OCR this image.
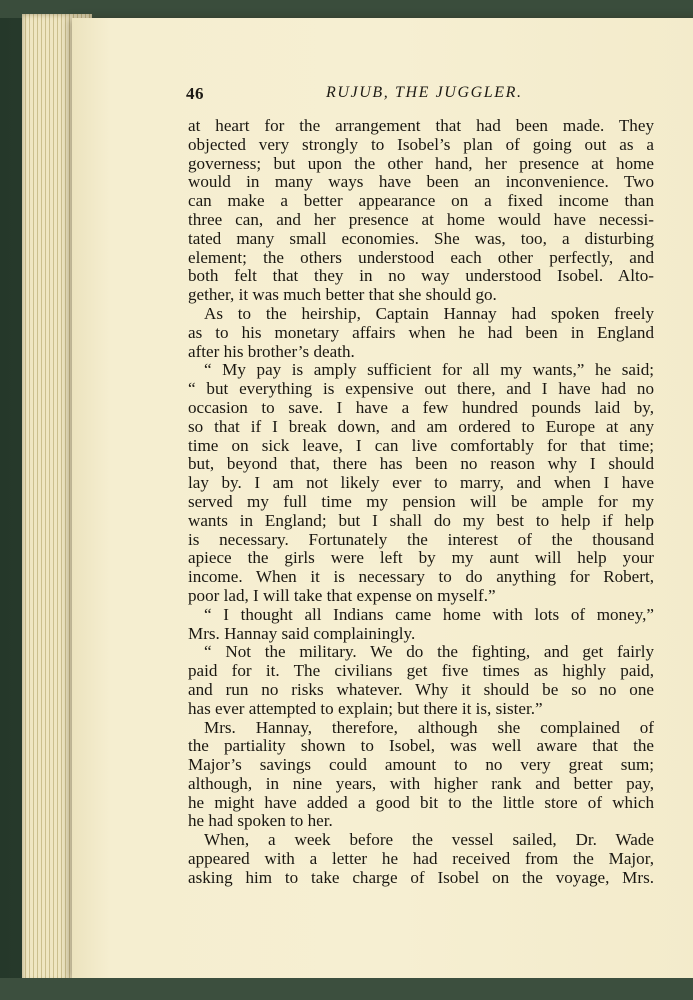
46	RUJUB, THE JUGGLER.
at heart for the arrangement that had been made. They
objected very strongly to Isobel’s plan of going out as a
governess; but upon the other hand, her presence at home
would in many ways have been an inconvenience. Two
can make a better appearance on a fixed income than
three can, and her presence at home would have necessi-
tated many small economies. She was, too, a disturbing
element; the others understood each other perfectly, and
both felt that they in no way understood Isobel. Alto-
gether, it was much better that she should go.
As to the heirship, Captain Hannay had spoken freely
as to his monetary affairs when he had been in England
after his brother’s death.
“ My pay is amply sufficient for all my wants,” he said;
“ but everything is expensive out there, and I have had no
occasion to save. I have a few hundred pounds laid by,
so that if I break down, and am ordered to Europe at any
time on sick leave, I can live comfortably for that time;
but, beyond that, there has been no reason why I should
lay by. I am not likely ever to marry, and when I have
served my full time my pension will be ample for my
wants in England; but I shall do my best to help if help
is necessary. Fortunately the interest of the thousand
apiece the girls were left by my aunt will help your
income. When it is necessary to do anything for Robert,
poor lad, I will take that expense on myself.”
“ I thought all Indians came home with lots of money,”
Mrs. Hannay said complainingly.
“ Not the military. We do the fighting, and get fairly
paid for it. The civilians get five times as highly paid,
and run no risks whatever. Why it should be so no one
has ever attempted to explain; but there it is, sister.”
Mrs. Hannay, therefore, although she complained of
the partiality shown to Isobel, was well aware that the
Major’s savings could amount to no very great sum;
although, in nine years, with higher rank and better pay,
he might have added a good bit to the little store of which
he had spoken to her.
When, a week before the vessel sailed, Dr. Wade
appeared with a letter he had received from the Major,
asking him to take charge of Isobel on the voyage, Mrs.
